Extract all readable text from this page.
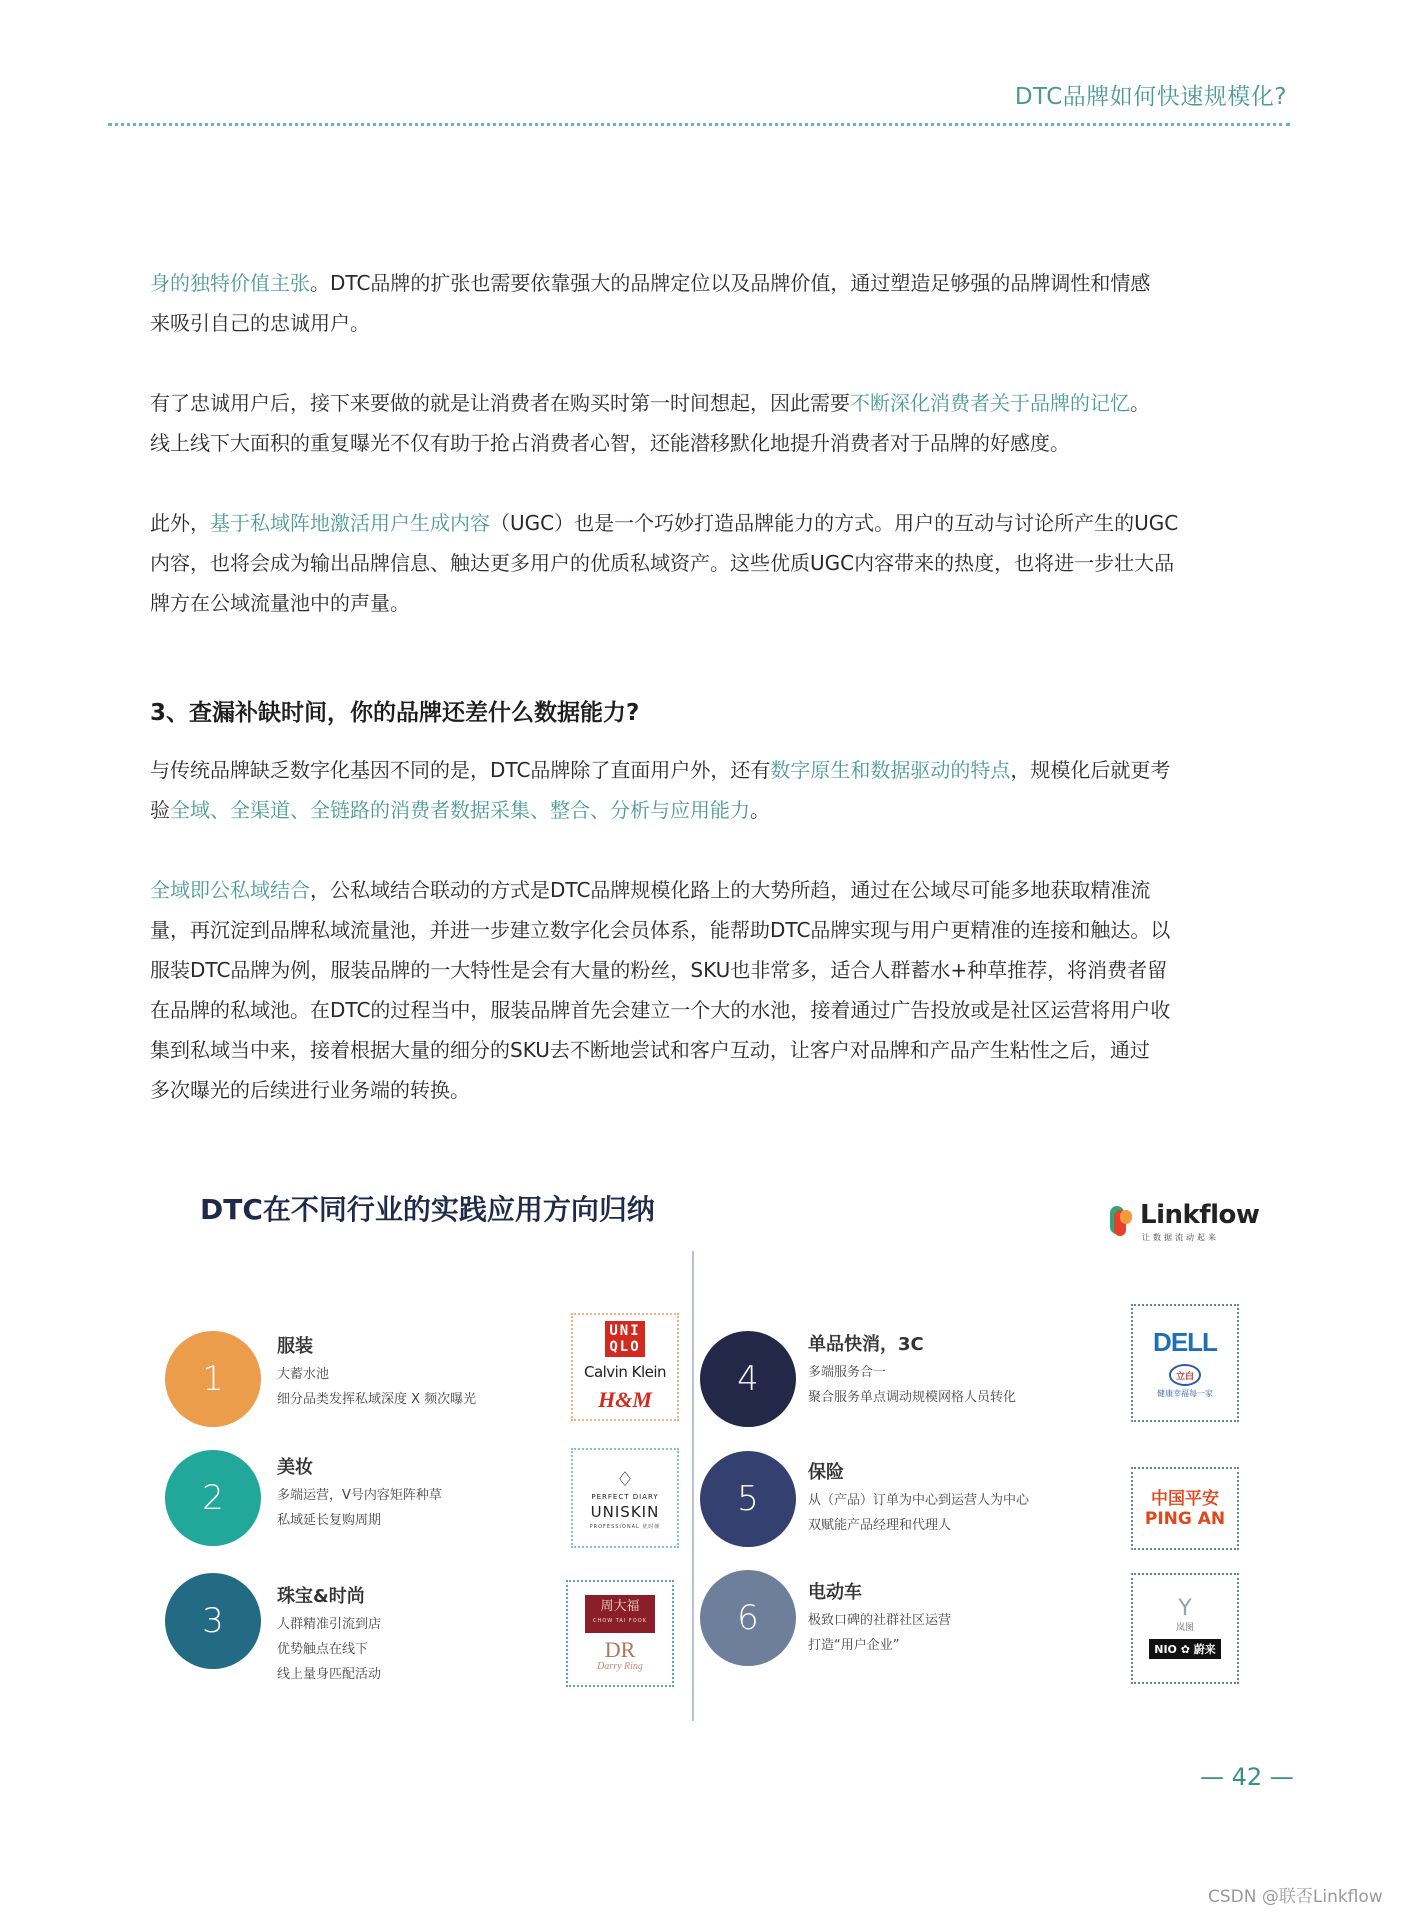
DTC品牌如何快速规模化?

身的独特价值主张。DTC品牌的扩张也需要依靠强大的品牌定位以及品牌价值，通过塑造足够强的品牌调性和情感

来吸引自己的忠诚用户。

有了忠诚用户后，接下来要做的就是让消费者在购买时第一时间想起，因此需要不断深化消费者关于品牌的记忆。

线上线下大面积的重复曝光不仅有助于抢占消费者心智，还能潜移默化地提升消费者对于品牌的好感度。

此外，基于私域阵地激活用户生成内容（UGC）也是一个巧妙打造品牌能力的方式。用户的互动与讨论所产生的UGC

内容，也将会成为输出品牌信息、触达更多用户的优质私域资产。这些优质UGC内容带来的热度，也将进一步壮大品

牌方在公域流量池中的声量。

3、查漏补缺时间，你的品牌还差什么数据能力?

与传统品牌缺乏数字化基因不同的是，DTC品牌除了直面用户外，还有数字原生和数据驱动的特点，规模化后就更考

验全域、全渠道、全链路的消费者数据采集、整合、分析与应用能力。

全域即公私域结合，公私域结合联动的方式是DTC品牌规模化路上的大势所趋，通过在公域尽可能多地获取精准流

量，再沉淀到品牌私域流量池，并进一步建立数字化会员体系，能帮助DTC品牌实现与用户更精准的连接和触达。以

服装DTC品牌为例，服装品牌的一大特性是会有大量的粉丝，SKU也非常多，适合人群蓄水+种草推荐，将消费者留

在品牌的私域池。在DTC的过程当中，服装品牌首先会建立一个大的水池，接着通过广告投放或是社区运营将用户收

集到私域当中来，接着根据大量的细分的SKU去不断地尝试和客户互动，让客户对品牌和产品产生粘性之后，通过

多次曝光的后续进行业务端的转换。

DTC在不同行业的实践应用方向归纳	Linkflow
让数据流动起来
1
服装
大蓄水池
细分品类发挥私域深度 X 频次曝光
UNI
QLO
Calvin Klein
H&M
2
美妆
多端运营，V号内容矩阵种草
私域延长复购周期
♢
PERFECT DIARY
UNISKIN
PROFESSIONAL 优时颜
3
珠宝&时尚
人群精准引流到店
优势触点在线下
线上量身匹配活动
周大福
CHOW TAI FOOK
DR
Darry Ring
4
单品快消，3C
多端服务合一
聚合服务单点调动规模网格人员转化
DELL
立白
健康幸福每一家
5
保险
从（产品）订单为中心到运营人为中心
双赋能产品经理和代理人
中国平安
PING AN
6
电动车
极致口碑的社群社区运营
打造“用户企业”
Y
岚图
NIO ✿ 蔚来
— 42 —
CSDN @联否Linkflow
